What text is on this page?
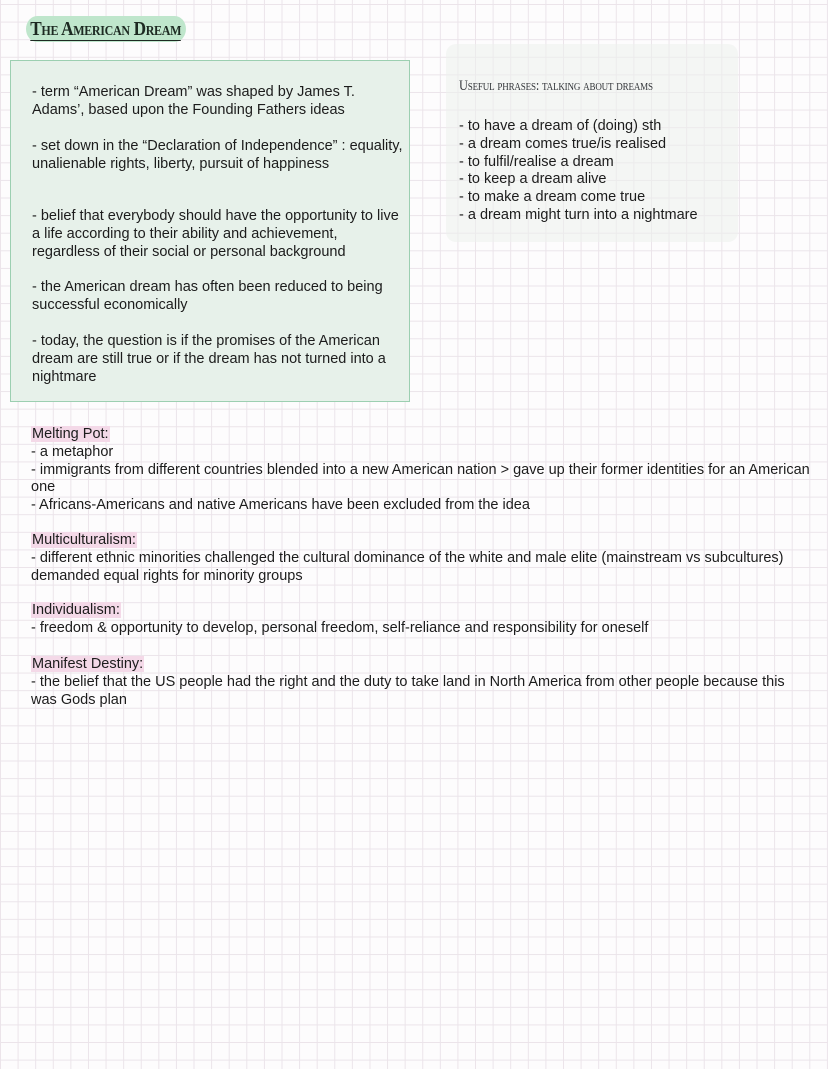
The American Dream
- term “American Dream” was shaped by James T. Adams’, based upon the Founding Fathers ideas
- set down in the “Declaration of Independence” : equality, unalienable rights, liberty, pursuit of happiness
- belief that everybody should have the opportunity to live a life according to their ability and achievement, regardless of their social or personal background
- the American dream has often been reduced to being successful economically
- today, the question is if the promises of the American dream are still true or if the dream has not turned into a nightmare
Useful phrases: talking about dreams
- to have a dream of (doing) sth
- a dream comes true/is realised
- to fulfil/realise a dream
- to keep a dream alive
- to make a dream come true
- a dream might turn into a nightmare
Melting Pot:
- a metaphor
- immigrants from different countries blended into a new American nation > gave up their former identities for an American one
- Africans-Americans and native Americans have been excluded from the idea
Multiculturalism:
- different ethnic minorities challenged the cultural dominance of the white and male elite (mainstream vs subcultures) demanded equal rights for minority groups
Individualism:
- freedom & opportunity to develop, personal freedom, self-reliance and responsibility for oneself
Manifest Destiny:
- the belief that the US people had the right and the duty to take land in North America from other people because this was Gods plan
